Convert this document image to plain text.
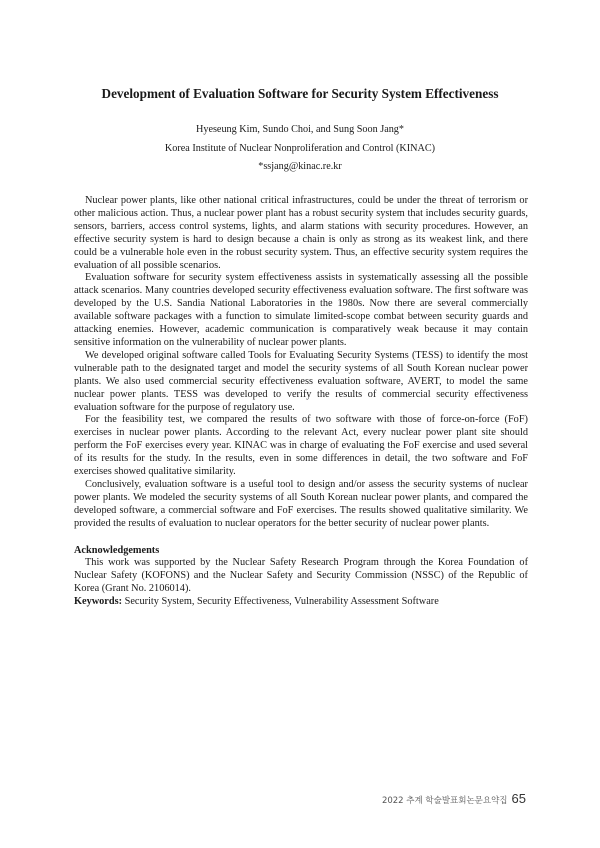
Development of Evaluation Software for Security System Effectiveness

Hyeseung Kim, Sundo Choi, and Sung Soon Jang*

Korea Institute of Nuclear Nonproliferation and Control (KINAC)

*ssjang@kinac.re.kr

Nuclear power plants, like other national critical infrastructures, could be under the threat of terrorism or other malicious action. Thus, a nuclear power plant has a robust security system that includes security guards, sensors, barriers, access control systems, lights, and alarm stations with security procedures. However, an effective security system is hard to design because a chain is only as strong as its weakest link, and there could be a vulnerable hole even in the robust security system. Thus, an effective security system requires the evaluation of all possible scenarios.

Evaluation software for security system effectiveness assists in systematically assessing all the possible attack scenarios. Many countries developed security effectiveness evaluation software. The first software was developed by the U.S. Sandia National Laboratories in the 1980s. Now there are several commercially available software packages with a function to simulate limited-scope combat between security guards and attacking enemies. However, academic communication is comparatively weak because it may contain sensitive information on the vulnerability of nuclear power plants.

We developed original software called Tools for Evaluating Security Systems (TESS) to identify the most vulnerable path to the designated target and model the security systems of all South Korean nuclear power plants. We also used commercial security effectiveness evaluation software, AVERT, to model the same nuclear power plants. TESS was developed to verify the results of commercial security effectiveness evaluation software for the purpose of regulatory use.

For the feasibility test, we compared the results of two software with those of force-on-force (FoF) exercises in nuclear power plants. According to the relevant Act, every nuclear power plant site should perform the FoF exercises every year. KINAC was in charge of evaluating the FoF exercise and used several of its results for the study. In the results, even in some differences in detail, the two software and FoF exercises showed qualitative similarity.

Conclusively, evaluation software is a useful tool to design and/or assess the security systems of nuclear power plants. We modeled the security systems of all South Korean nuclear power plants, and compared the developed software, a commercial software and FoF exercises. The results showed qualitative similarity. We provided the results of evaluation to nuclear operators for the better security of nuclear power plants.

Acknowledgements

This work was supported by the Nuclear Safety Research Program through the Korea Foundation of Nuclear Safety (KOFONS) and the Nuclear Safety and Security Commission (NSSC) of the Republic of Korea (Grant No. 2106014).

Keywords: Security System, Security Effectiveness, Vulnerability Assessment Software

2022 추계 학술발표회논문요약집 65
